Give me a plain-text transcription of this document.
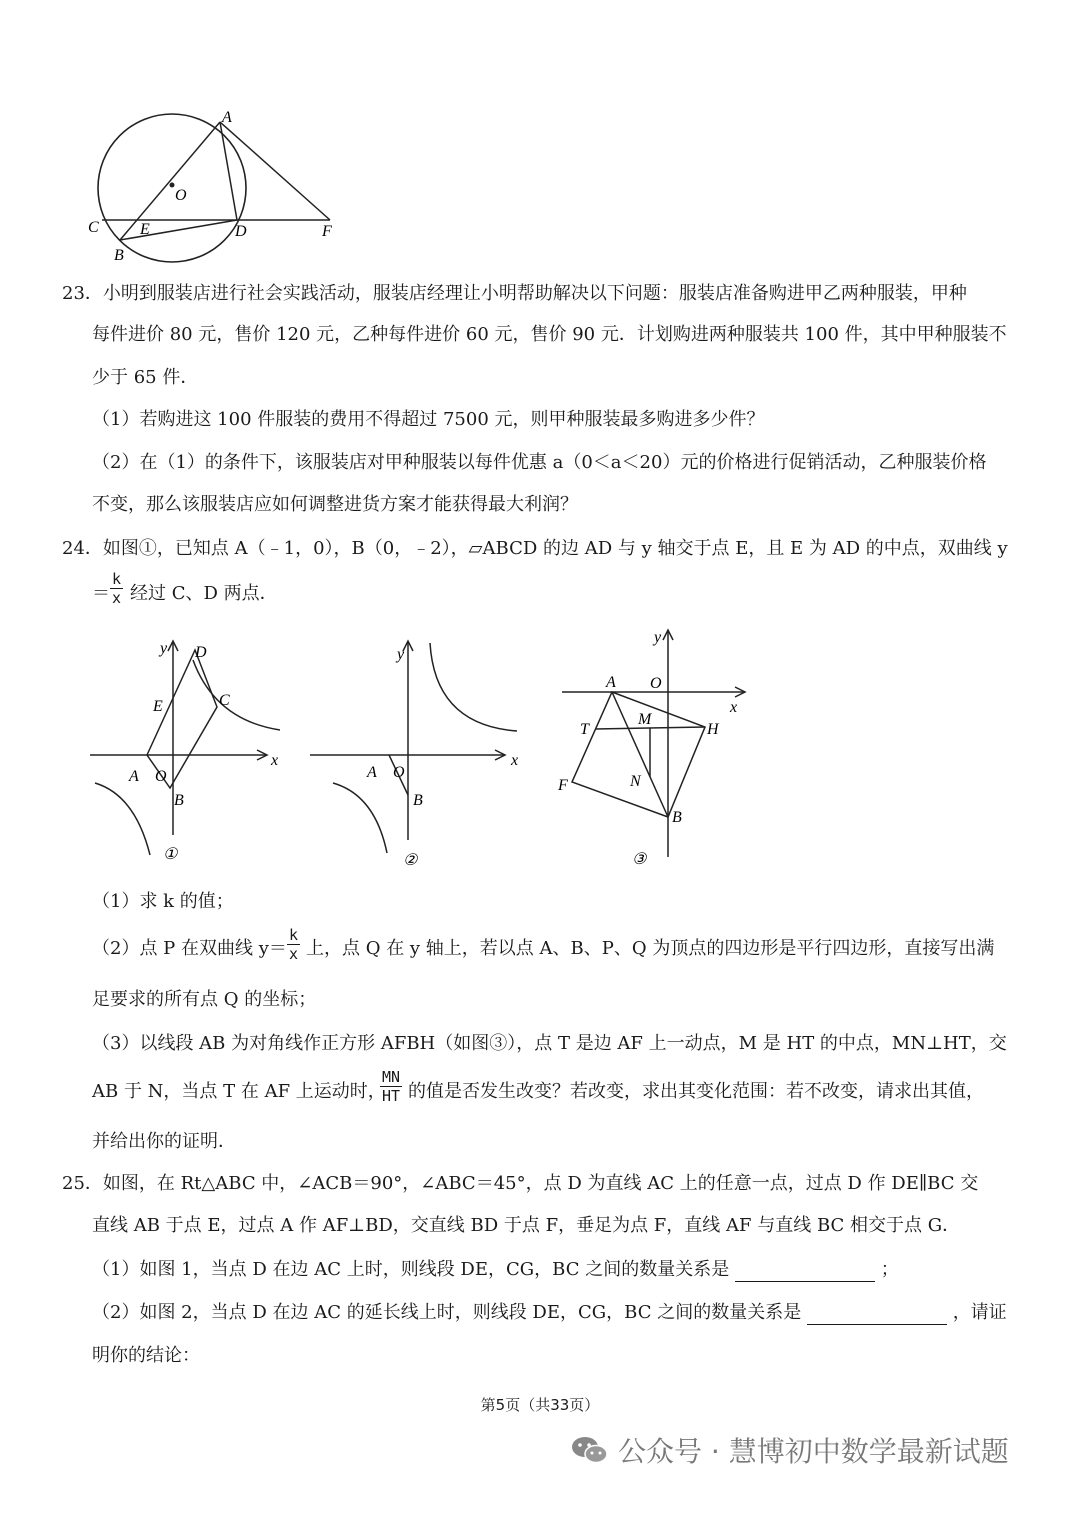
A
O
C	E	D	F
B
23．小明到服装店进行社会实践活动，服装店经理让小明帮助解决以下问题：服装店准备购进甲乙两种服装，甲种
每件进价 80 元，售价 120 元，乙种每件进价 60 元，售价 90 元．计划购进两种服装共 100 件，其中甲种服装不
少于 65 件．
（1）若购进这 100 件服装的费用不得超过 7500 元，则甲种服装最多购进多少件？
（2）在（1）的条件下，该服装店对甲种服装以每件优惠 a（0＜a＜20）元的价格进行促销活动，乙种服装价格
不变，那么该服装店应如何调整进货方案才能获得最大利润？
24．如图①，已知点 A（﹣1，0），B（0，﹣2），▱ABCD 的边 AD 与 y 轴交于点 E，且 E 为 AD 的中点，双曲线 y
＝ $\frac{k}{x}$ 经过 C、D 两点．
y
x
D
E	C
A O
B
①
y
x
A O
B
②
y
x
A O
T
M
H
N
F
B
③
（1）求 k 的值；
（2）点 P 在双曲线 $y= \frac{k}{x}$ 上，点 Q 在 y 轴上，若以点 A、B、P、Q 为顶点的四边形是平行四边形，直接写出满
足要求的所有点 Q 的坐标；
（3）以线段 AB 为对角线作正方形 AFBH（如图③），点 T 是边 AF 上一动点，M 是 HT 的中点，MN⊥HT，交
AB 于 N，当点 T 在 AF 上运动时，
$\frac{MN}{HT}$ 的值是否发生改变？若改变，求出其变化范围：若不改变，请求出其值，
并给出你的证明．
25．如图，在 Rt△ABC 中，∠ACB＝90°，∠ABC＝45°，点 D 为直线 AC 上的任意一点，过点 D 作 DE∥BC 交
直线 AB 于点 E，过点 A 作 AF⊥BD，交直线 BD 于点 F，垂足为点 F，直线 AF 与直线 BC 相交于点 G．
（1）如图 1，当点 D 在边 AC 上时，则线段 DE，CG，BC 之间的数量关系是	；
（2）如图 2，当点 D 在边 AC 的延长线上时，则线段 DE，CG，BC 之间的数量关系是	，请证
明你的结论：
第5页（共33页）
公众号 · 慧博初中数学最新试题
